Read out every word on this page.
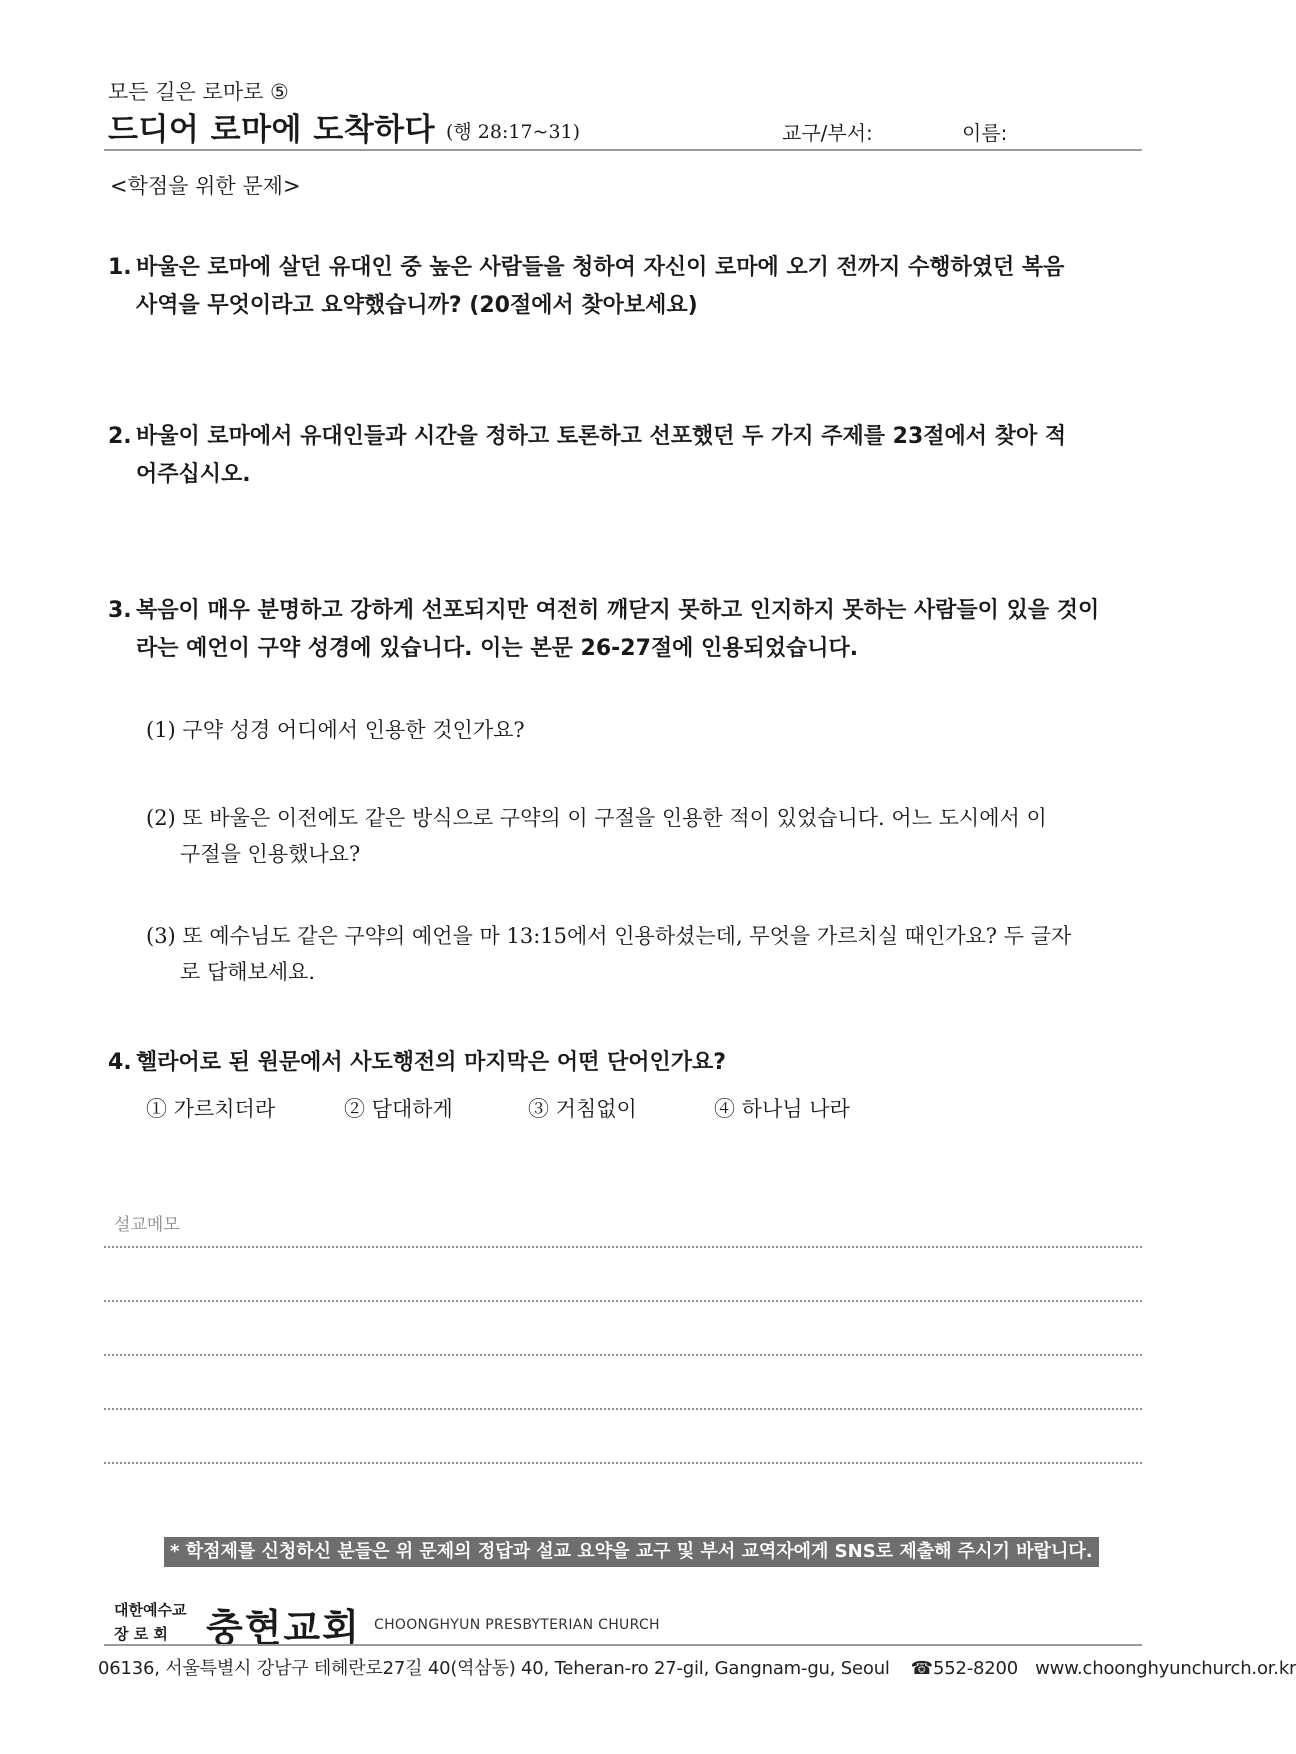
모든 길은 로마로 ⑤
드디어 로마에 도착하다 (행 28:17~31)	교구/부서:	이름:
<학점을 위한 문제>
1. 바울은 로마에 살던 유대인 중 높은 사람들을 청하여 자신이 로마에 오기 전까지 수행하였던 복음
사역을 무엇이라고 요약했습니까? (20절에서 찾아보세요)
2. 바울이 로마에서 유대인들과 시간을 정하고 토론하고 선포했던 두 가지 주제를 23절에서 찾아 적
어주십시오.
3. 복음이 매우 분명하고 강하게 선포되지만 여전히 깨닫지 못하고 인지하지 못하는 사람들이 있을 것이
라는 예언이 구약 성경에 있습니다. 이는 본문 26-27절에 인용되었습니다.
(1) 구약 성경 어디에서 인용한 것인가요?
(2) 또 바울은 이전에도 같은 방식으로 구약의 이 구절을 인용한 적이 있었습니다. 어느 도시에서 이
구절을 인용했나요?
(3) 또 예수님도 같은 구약의 예언을 마 13:15에서 인용하셨는데, 무엇을 가르치실 때인가요? 두 글자
로 답해보세요.
4. 헬라어로 된 원문에서 사도행전의 마지막은 어떤 단어인가요?
① 가르치더라	② 담대하게	③ 거침없이	④ 하나님 나라
설교메모
* 학점제를 신청하신 분들은 위 문제의 정답과 설교 요약을 교구 및 부서 교역자에게 SNS로 제출해 주시기 바랍니다.
대한예수교
장 로 회	충현교회 CHOONGHYUN PRESBYTERIAN CHURCH
06136, 서울특별시 강남구 테헤란로27길 40(역삼동) 40, Teheran-ro 27-gil, Gangnam-gu, Seoul ☎552-8200 www.choonghyunchurch.or.kr
